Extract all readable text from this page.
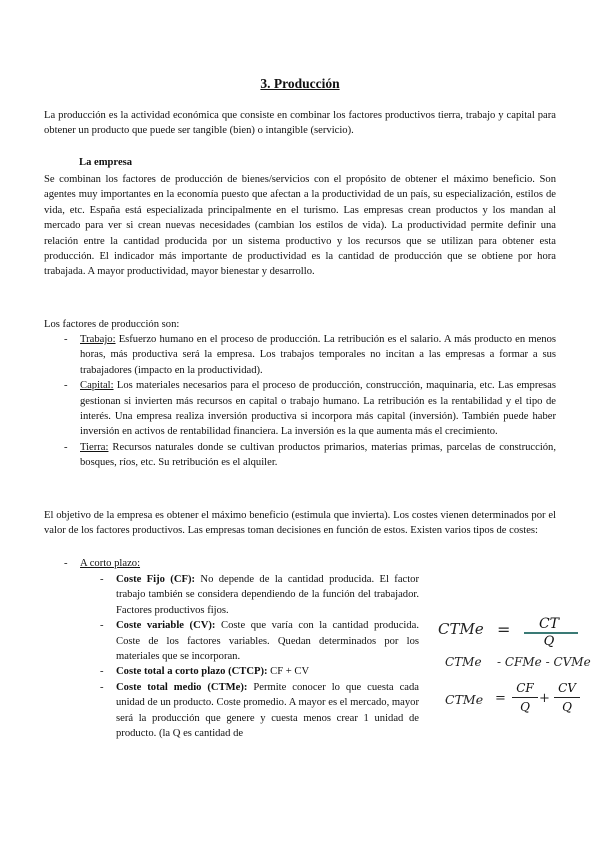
3. Producción
La producción es la actividad económica que consiste en combinar los factores productivos tierra, trabajo y capital para obtener un producto que puede ser tangible (bien) o intangible (servicio).
La empresa
Se combinan los factores de producción de bienes/servicios con el propósito de obtener el máximo beneficio. Son agentes muy importantes en la economía puesto que afectan a la productividad de un país, su especialización, estilos de vida, etc. España está especializada principalmente en el turismo. Las empresas crean productos y los mandan al mercado para ver si crean nuevas necesidades (cambian los estilos de vida). La productividad permite definir una relación entre la cantidad producida por un sistema productivo y los recursos que se utilizan para obtener esta producción. El indicador más importante de productividad es la cantidad de producción que se obtiene por hora trabajada. A mayor productividad, mayor bienestar y desarrollo.
Los factores de producción son:
- Trabajo: Esfuerzo humano en el proceso de producción. La retribución es el salario. A más producto en menos horas, más productiva será la empresa. Los trabajos temporales no incitan a las empresas a formar a sus trabajadores (impacto en la productividad).
- Capital: Los materiales necesarios para el proceso de producción, construcción, maquinaria, etc. Las empresas gestionan si invierten más recursos en capital o trabajo humano. La retribución es la rentabilidad y el tipo de interés. Una empresa realiza inversión productiva si incorpora más capital (inversión). También puede haber inversión en activos de rentabilidad financiera. La inversión es la que aumenta más el crecimiento.
- Tierra: Recursos naturales donde se cultivan productos primarios, materias primas, parcelas de construcción, bosques, ríos, etc. Su retribución es el alquiler.
El objetivo de la empresa es obtener el máximo beneficio (estimula que invierta). Los costes vienen determinados por el valor de los factores productivos. Las empresas toman decisiones en función de estos. Existen varios tipos de costes:
- A corto plazo:
- Coste Fijo (CF): No depende de la cantidad producida. El factor trabajo también se considera dependiendo de la función del trabajador. Factores productivos fijos.
- Coste variable (CV): Coste que varía con la cantidad producida. Coste de los factores variables. Quedan determinados por los materiales que se incorporan.
- Coste total a corto plazo (CTCP): CF + CV
- Coste total medio (CTMe): Permite conocer lo que cuesta cada unidad de un producto. Coste promedio. A mayor es el mercado, mayor será la producción que genere y cuesta menos crear 1 unidad de producto. (la Q es cantidad de
CTMe =	CT
Q
CTMe - CFMe - CVMe
CTMe =
CF
Q
+
CV
Q
